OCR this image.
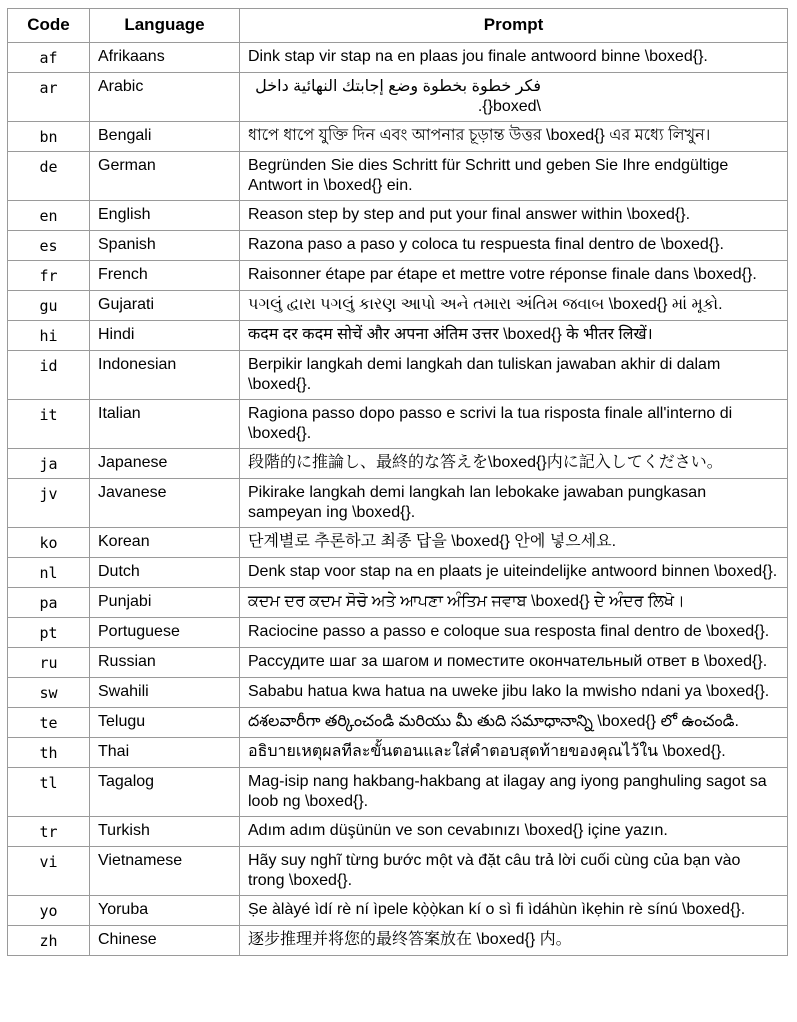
Code	Language	Prompt
af	Afrikaans	Dink stap vir stap na en plaas jou finale antwoord binne \boxed{}.
ar	Arabic	فكر خطوة بخطوة وضع إجابتك النهائية داخل \boxed{}.
bn	Bengali	ধাপে ধাপে যুক্তি দিন এবং আপনার চূড়ান্ত উত্তর \boxed{} এর মধ্যে লিখুন।
de	German	Begründen Sie dies Schritt für Schritt und geben Sie Ihre endgültige Antwort in \boxed{} ein.
en	English	Reason step by step and put your final answer within \boxed{}.
es	Spanish	Razona paso a paso y coloca tu respuesta final dentro de \boxed{}.
fr	French	Raisonner étape par étape et mettre votre réponse finale dans \boxed{}.
gu	Gujarati	પગલું દ્વારા પગલું કારણ આપો અને તમારા અંતિમ જવાબ \boxed{} માં મૂકો.
hi	Hindi	कदम दर कदम सोचें और अपना अंतिम उत्तर \boxed{} के भीतर लिखें।
id	Indonesian	Berpikir langkah demi langkah dan tuliskan jawaban akhir di dalam \boxed{}.
it	Italian	Ragiona passo dopo passo e scrivi la tua risposta finale all'interno di \boxed{}.
ja	Japanese	段階的に推論し、最終的な答えを\boxed{}内に記入してください。
jv	Javanese	Pikirake langkah demi langkah lan lebokake jawaban pungkasan sampeyan ing \boxed{}.
ko	Korean	단계별로 추론하고 최종 답을 \boxed{} 안에 넣으세요.
nl	Dutch	Denk stap voor stap na en plaats je uiteindelijke antwoord binnen \boxed{}.
pa	Punjabi	ਕਦਮ ਦਰ ਕਦਮ ਸੋਚੋ ਅਤੇ ਆਪਣਾ ਅੰਤਿਮ ਜਵਾਬ \boxed{} ਦੇ ਅੰਦਰ ਲਿਖੋ।
pt	Portuguese	Raciocine passo a passo e coloque sua resposta final dentro de \boxed{}.
ru	Russian	Рассудите шаг за шагом и поместите окончательный ответ в \boxed{}.
sw	Swahili	Sababu hatua kwa hatua na uweke jibu lako la mwisho ndani ya \boxed{}.
te	Telugu	దశలవారీగా తర్కించండి మరియు మీ తుది సమాధానాన్ని \boxed{} లో ఉంచండి.
th	Thai	อธิบายเหตุผลทีละขั้นตอนและใส่คำตอบสุดท้ายของคุณไว้ใน \boxed{}.
tl	Tagalog	Mag-isip nang hakbang-hakbang at ilagay ang iyong panghuling sagot sa loob ng \boxed{}.
tr	Turkish	Adım adım düşünün ve son cevabınızı \boxed{} içine yazın.
vi	Vietnamese	Hãy suy nghĩ từng bước một và đặt câu trả lời cuối cùng của bạn vào trong \boxed{}.
yo	Yoruba	Ṣe àlàyé ìdí rè ní ìpele kọ̀ọ̀kan kí o sì fi ìdáhùn ìkẹhin rè sínú \boxed{}.
zh	Chinese	逐步推理并将您的最终答案放在 \boxed{} 内。
